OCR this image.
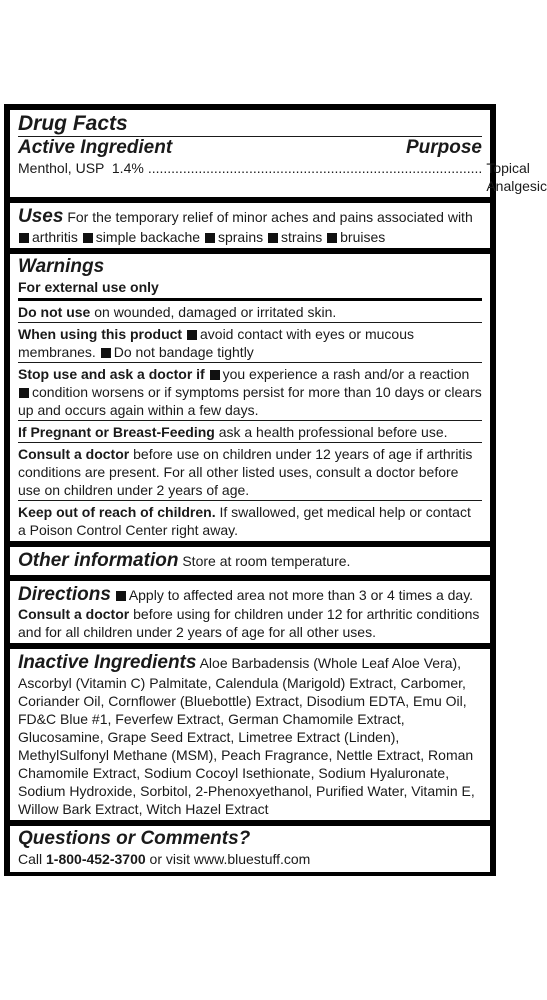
Drug Facts
Active Ingredient	Purpose
Menthol, USP  1.4% ...................................................................................... Topical Analgesic
Uses For the temporary relief of minor aches and pains associated with arthritis simple backache sprains strains bruises
Warnings
For external use only
Do not use on wounded, damaged or irritated skin.
When using this product avoid contact with eyes or mucous membranes. Do not bandage tightly
Stop use and ask a doctor if you experience a rash and/or a reaction condition worsens or if symptoms persist for more than 10 days or clears up and occurs again within a few days.
If Pregnant or Breast-Feeding ask a health professional before use.
Consult a doctor before use on children under 12 years of age if arthritis conditions are present. For all other listed uses, consult a doctor before use on children under 2 years of age.
Keep out of reach of children. If swallowed, get medical help or contact a Poison Control Center right away.
Other information Store at room temperature.
Directions Apply to affected area not more than 3 or 4 times a day. Consult a doctor before using for children under 12 for arthritic conditions and for all children under 2 years of age for all other uses.
Inactive Ingredients Aloe Barbadensis (Whole Leaf Aloe Vera), Ascorbyl (Vitamin C) Palmitate, Calendula (Marigold) Extract, Carbomer, Coriander Oil, Cornflower (Bluebottle) Extract, Disodium EDTA, Emu Oil, FD&C Blue #1, Feverfew Extract, German Chamomile Extract, Glucosamine, Grape Seed Extract, Limetree Extract (Linden), MethylSulfonyl Methane (MSM), Peach Fragrance, Nettle Extract, Roman Chamomile Extract, Sodium Cocoyl Isethionate, Sodium Hyaluronate, Sodium Hydroxide, Sorbitol, 2-Phenoxyethanol, Purified Water, Vitamin E, Willow Bark Extract, Witch Hazel Extract
Questions or Comments?
Call 1-800-452-3700 or visit www.bluestuff.com
